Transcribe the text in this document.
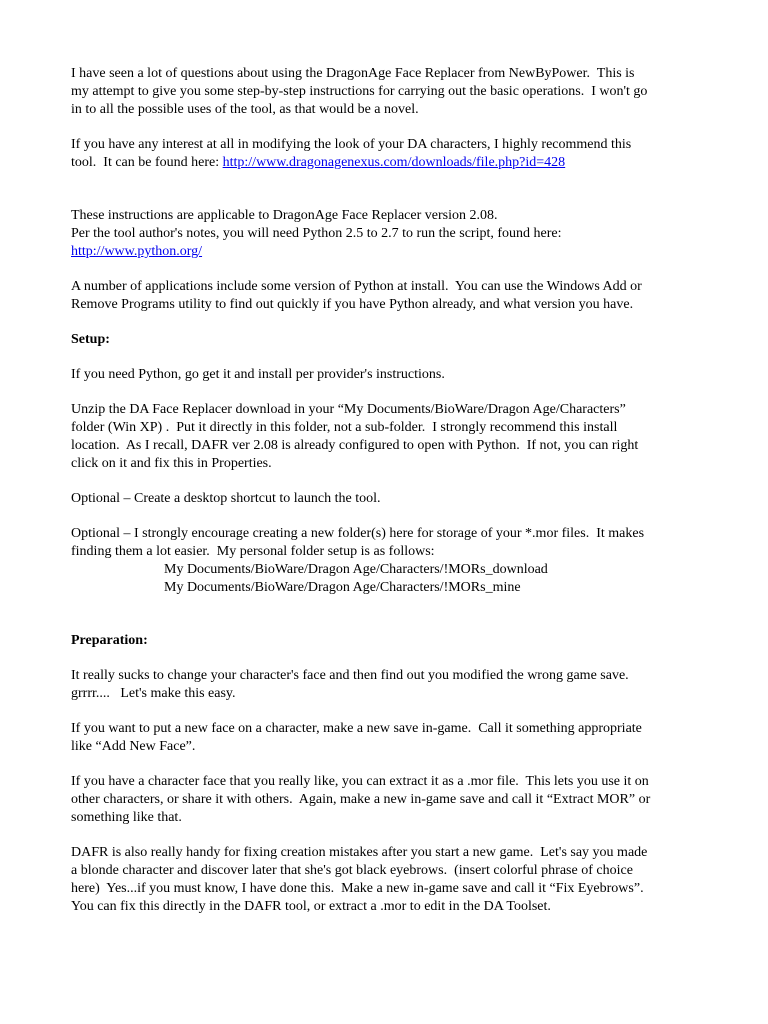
I have seen a lot of questions about using the DragonAge Face Replacer from NewByPower.  This is
my attempt to give you some step-by-step instructions for carrying out the basic operations.  I won't go
in to all the possible uses of the tool, as that would be a novel.
If you have any interest at all in modifying the look of your DA characters, I highly recommend this
tool.  It can be found here: http://www.dragonagenexus.com/downloads/file.php?id=428
These instructions are applicable to DragonAge Face Replacer version 2.08.
Per the tool author's notes, you will need Python 2.5 to 2.7 to run the script, found here:
http://www.python.org/
A number of applications include some version of Python at install.  You can use the Windows Add or
Remove Programs utility to find out quickly if you have Python already, and what version you have.
Setup:
If you need Python, go get it and install per provider's instructions.
Unzip the DA Face Replacer download in your “My Documents/BioWare/Dragon Age/Characters”
folder (Win XP) .  Put it directly in this folder, not a sub-folder.  I strongly recommend this install
location.  As I recall, DAFR ver 2.08 is already configured to open with Python.  If not, you can right
click on it and fix this in Properties.
Optional – Create a desktop shortcut to launch the tool.
Optional – I strongly encourage creating a new folder(s) here for storage of your *.mor files.  It makes
finding them a lot easier.  My personal folder setup is as follows:
My Documents/BioWare/Dragon Age/Characters/!MORs_download
My Documents/BioWare/Dragon Age/Characters/!MORs_mine
Preparation:
It really sucks to change your character's face and then find out you modified the wrong game save.
grrrr....   Let's make this easy.
If you want to put a new face on a character, make a new save in-game.  Call it something appropriate
like “Add New Face”.
If you have a character face that you really like, you can extract it as a .mor file.  This lets you use it on
other characters, or share it with others.  Again, make a new in-game save and call it “Extract MOR” or
something like that.
DAFR is also really handy for fixing creation mistakes after you start a new game.  Let's say you made
a blonde character and discover later that she's got black eyebrows.  (insert colorful phrase of choice
here)  Yes...if you must know, I have done this.  Make a new in-game save and call it “Fix Eyebrows”.
You can fix this directly in the DAFR tool, or extract a .mor to edit in the DA Toolset.
